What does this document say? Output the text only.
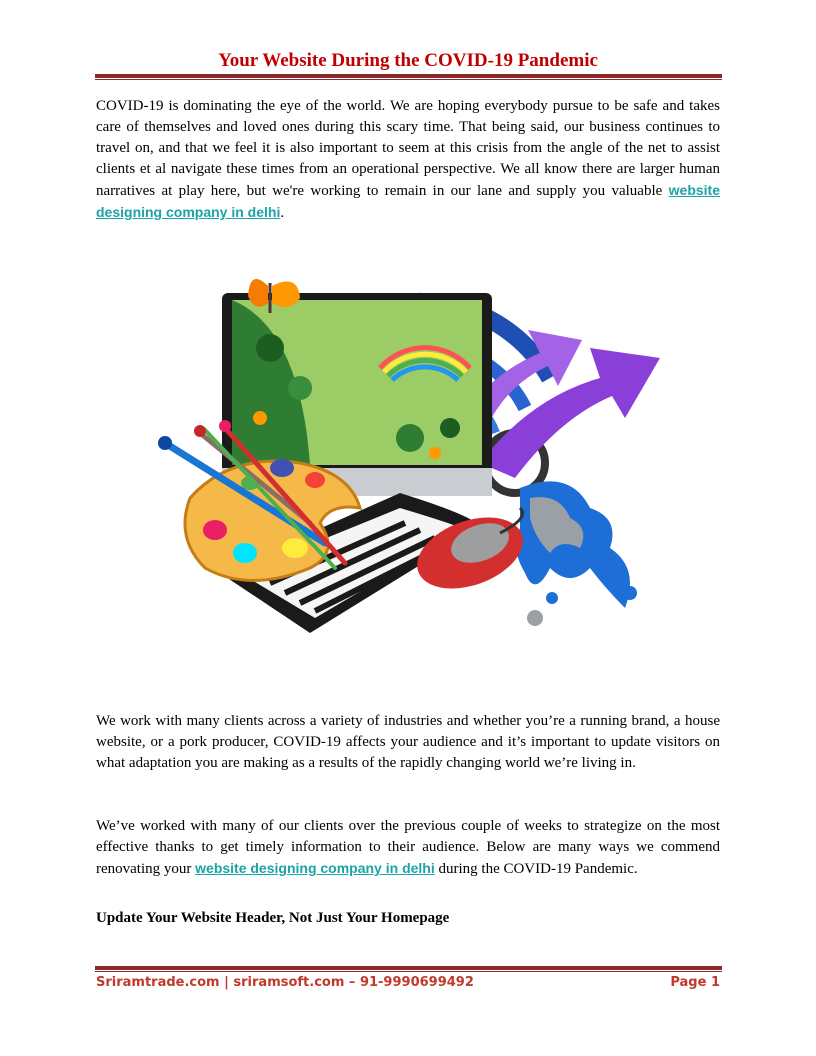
Your Website During the COVID-19 Pandemic

COVID-19 is dominating the eye of the world. We are hoping everybody pursue to be safe and takes care of themselves and loved ones during this scary time. That being said, our business continues to travel on, and that we feel it is also important to seem at this crisis from the angle of the net to assist clients et al navigate these times from an operational perspective. We all know there are larger human narratives at play here, but we're working to remain in our lane and supply you valuable website designing company in delhi.

We work with many clients across a variety of industries and whether you’re a running brand, a house website, or a pork producer, COVID-19 affects your audience and it’s important to update visitors on what adaptation you are making as a results of the rapidly changing world we’re living in.

We’ve worked with many of our clients over the previous couple of weeks to strategize on the most effective thanks to get timely information to their audience. Below are many ways we commend renovating your website designing company in delhi during the COVID-19 Pandemic.

Update Your Website Header, Not Just Your Homepage

Sriramtrade.com | sriramsoft.com – 91-9990699492	Page 1
